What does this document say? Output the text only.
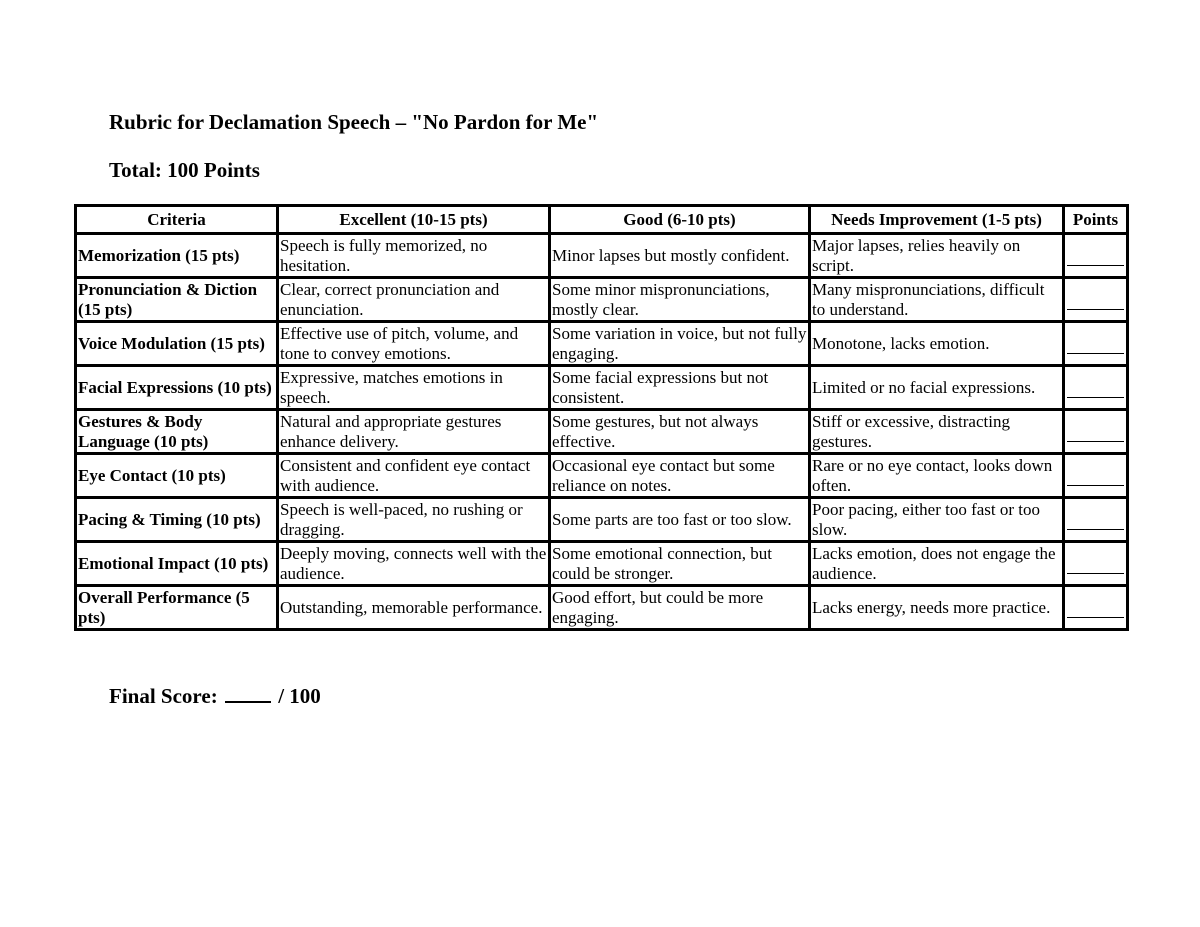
Rubric for Declamation Speech – "No Pardon for Me"
Total: 100 Points
Criteria	Excellent (10-15 pts)	Good (6-10 pts)	Needs Improvement (1-5 pts)	Points
Memorization (15 pts)	Speech is fully memorized, no hesitation.	Minor lapses but mostly confident.	Major lapses, relies heavily on script.	

Pronunciation & Diction (15 pts)	Clear, correct pronunciation and enunciation.	Some minor mispronunciations, mostly clear.	Many mispronunciations, difficult to understand.	

Voice Modulation (15 pts)	Effective use of pitch, volume, and tone to convey emotions.	Some variation in voice, but not fully engaging.	Monotone, lacks emotion.	

Facial Expressions (10 pts)	Expressive, matches emotions in speech.	Some facial expressions but not consistent.	Limited or no facial expressions.	

Gestures & Body Language (10 pts)	Natural and appropriate gestures enhance delivery.	Some gestures, but not always effective.	Stiff or excessive, distracting gestures.	

Eye Contact (10 pts)	Consistent and confident eye contact with audience.	Occasional eye contact but some reliance on notes.	Rare or no eye contact, looks down often.	

Pacing & Timing (10 pts)	Speech is well-paced, no rushing or dragging.	Some parts are too fast or too slow.	Poor pacing, either too fast or too slow.	

Emotional Impact (10 pts)	Deeply moving, connects well with the audience.	Some emotional connection, but could be stronger.	Lacks emotion, does not engage the audience.	

Overall Performance (5 pts)	Outstanding, memorable performance.	Good effort, but could be more engaging.	Lacks energy, needs more practice.	
Final Score:	/ 100
